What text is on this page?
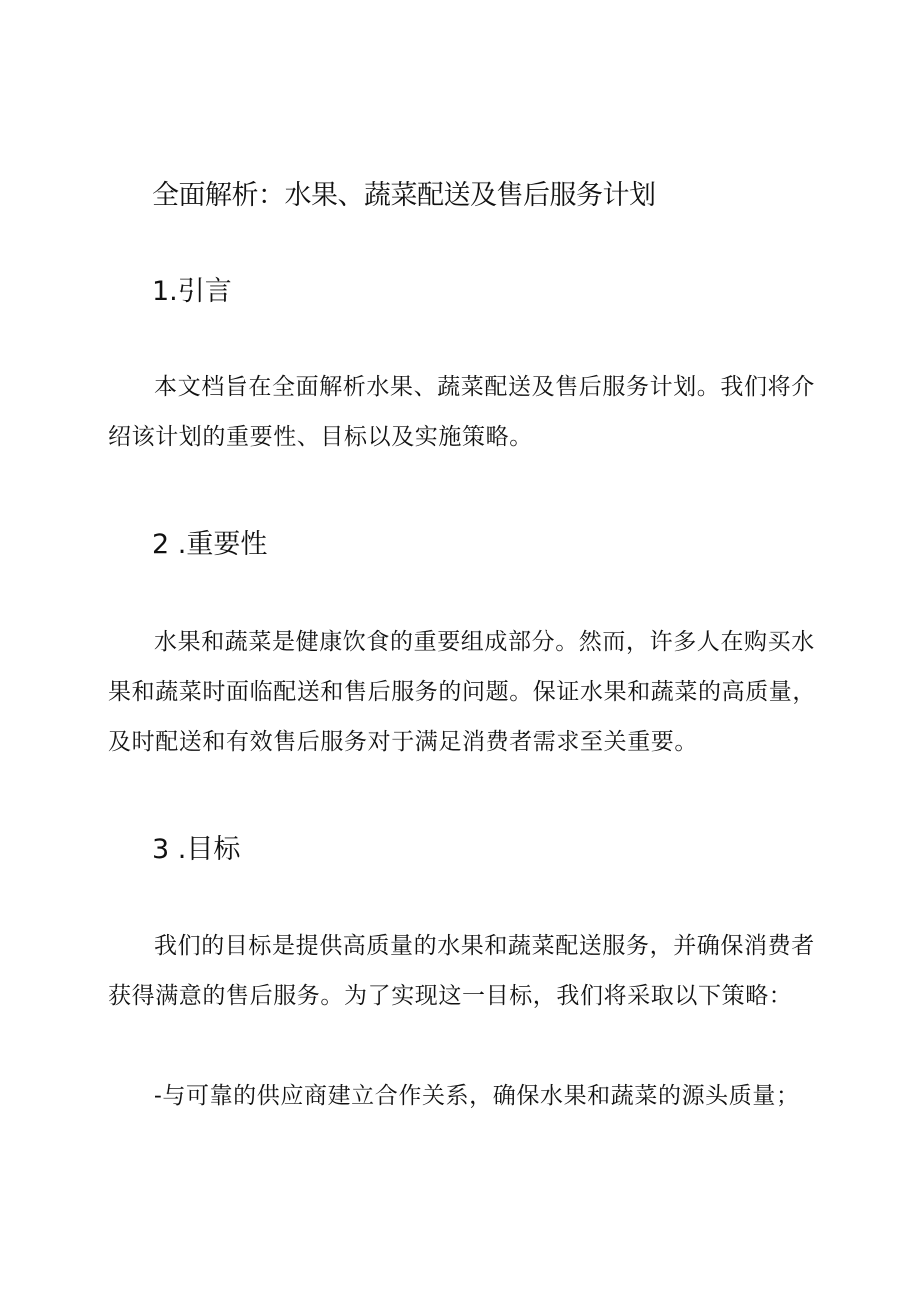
全面解析：水果、蔬菜配送及售后服务计划
1.引言

本文档旨在全面解析水果、蔬菜配送及售后服务计划。我们将介绍该计划的重要性、目标以及实施策略。

2 .重要性

水果和蔬菜是健康饮食的重要组成部分。然而，许多人在购买水果和蔬菜时面临配送和售后服务的问题。保证水果和蔬菜的高质量，及时配送和有效售后服务对于满足消费者需求至关重要。

3 .目标

我们的目标是提供高质量的水果和蔬菜配送服务，并确保消费者获得满意的售后服务。为了实现这一目标，我们将采取以下策略：

-与可靠的供应商建立合作关系，确保水果和蔬菜的源头质量；
